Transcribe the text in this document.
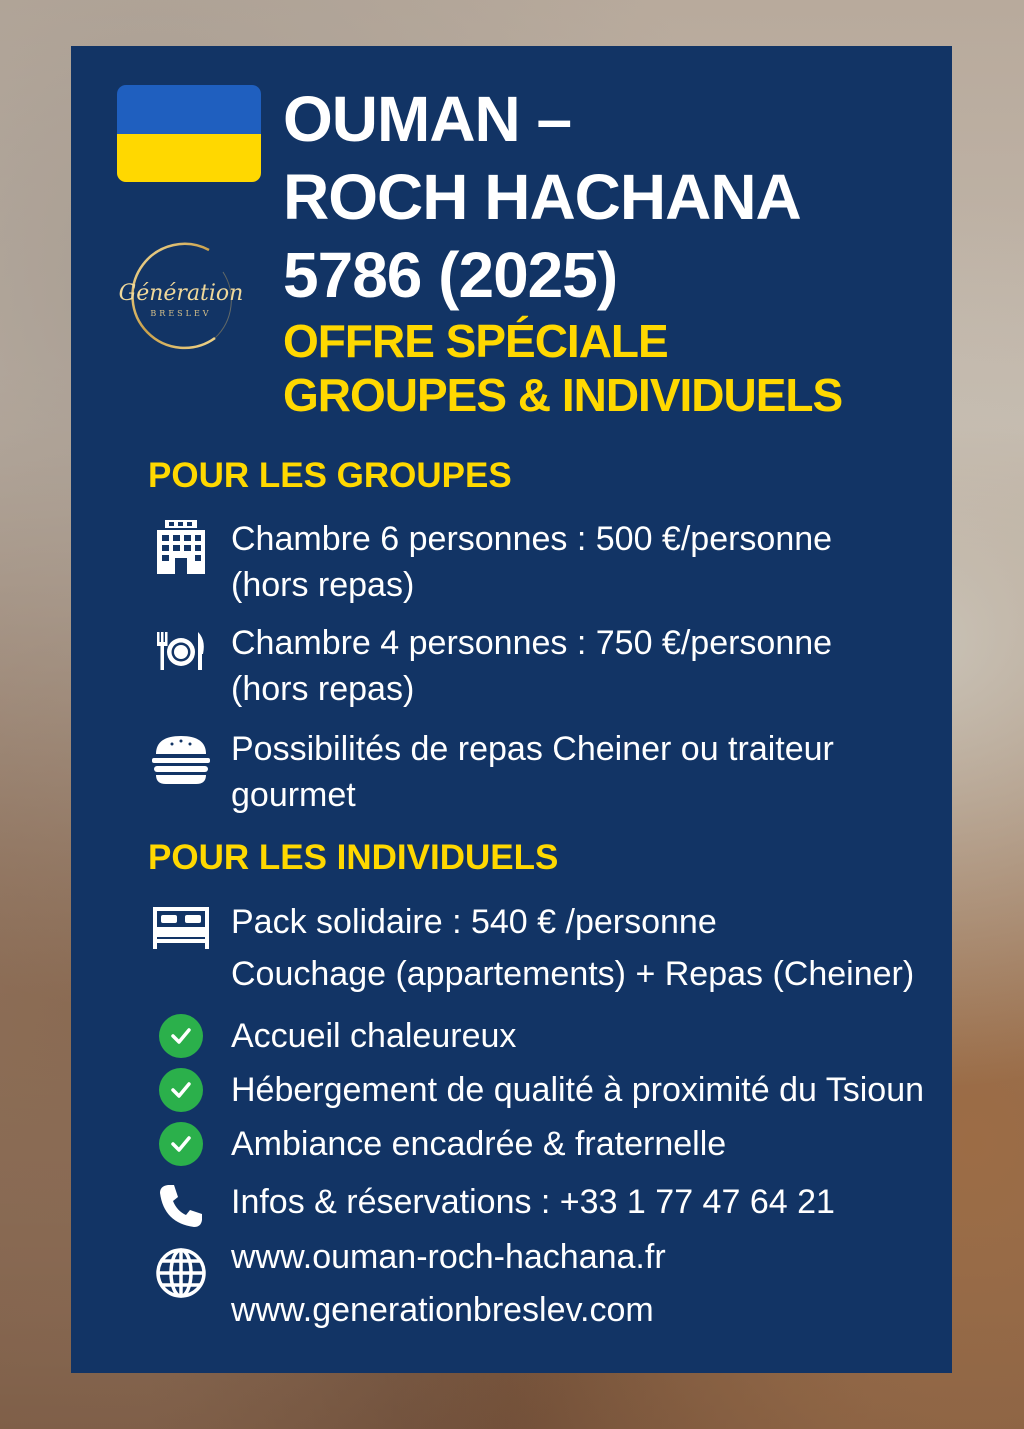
Génération
BRESLEV
OUMAN –
ROCH HACHANA
5786 (2025)
OFFRE SPÉCIALE
GROUPES & INDIVIDUELS
POUR LES GROUPES
Chambre 6 personnes : 500 €/personne
(hors repas)
Chambre 4 personnes : 750 €/personne
(hors repas)
Possibilités de repas Cheiner ou traiteur
gourmet
POUR LES INDIVIDUELS
Pack solidaire : 540 € /personne
Couchage (appartements) + Repas (Cheiner)
Accueil chaleureux
Hébergement de qualité à proximité du Tsioun
Ambiance encadrée & fraternelle
Infos & réservations : +33 1 77 47 64 21
www.ouman-roch-hachana.fr
www.generationbreslev.com
